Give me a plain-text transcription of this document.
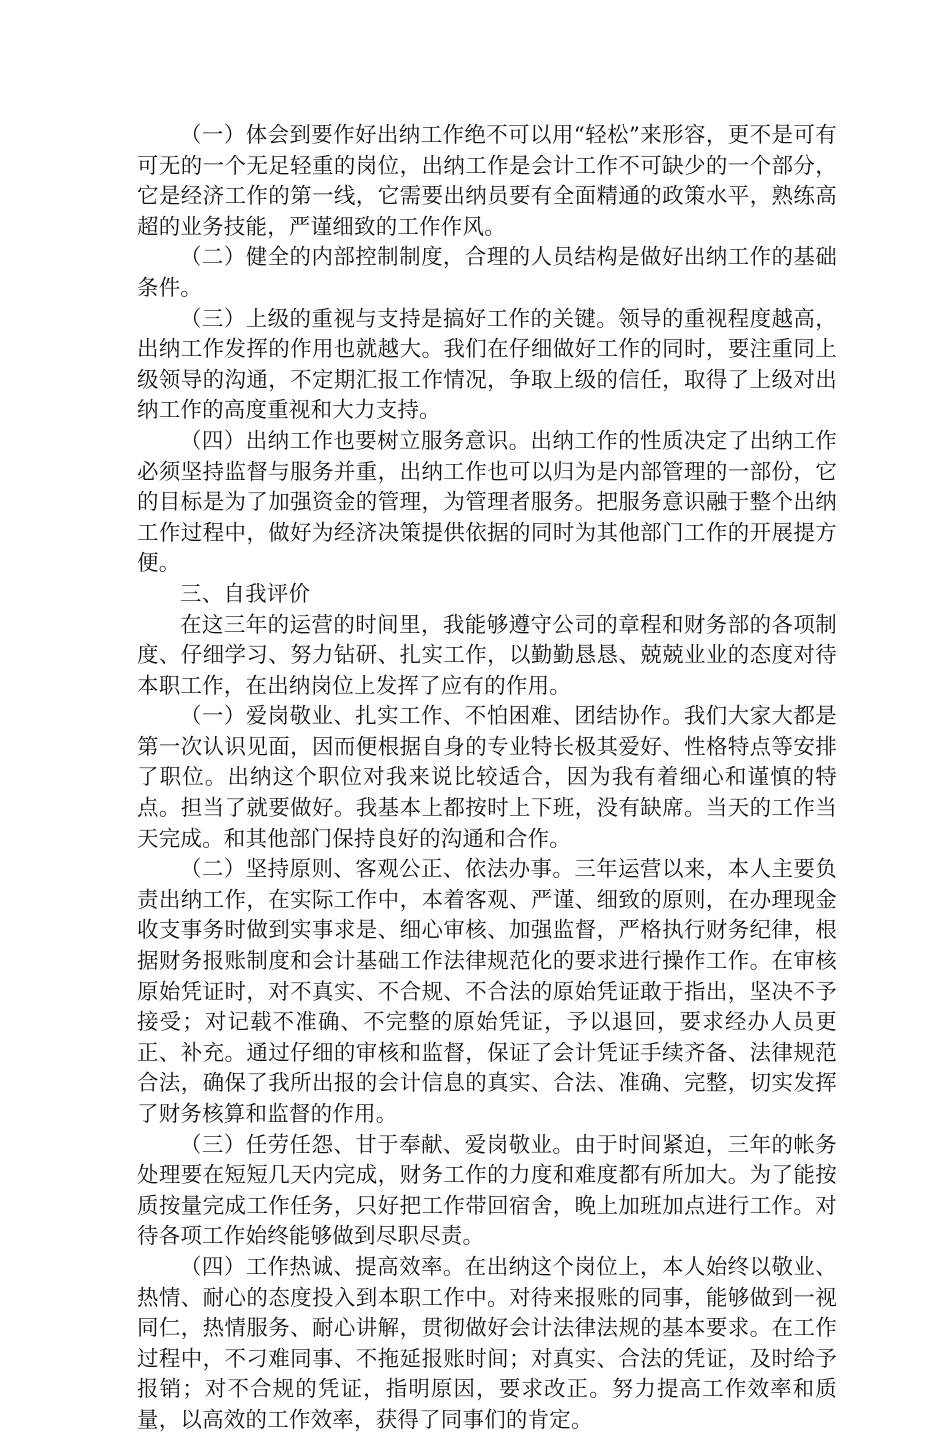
（一）体会到要作好出纳工作绝不可以用“轻松”来形容，更不是可有可无的一个无足轻重的岗位，出纳工作是会计工作不可缺少的一个部分，它是经济工作的第一线，它需要出纳员要有全面精通的政策水平，熟练高超的业务技能，严谨细致的工作作风。

（二）健全的内部控制制度，合理的人员结构是做好出纳工作的基础条件。

（三）上级的重视与支持是搞好工作的关键。领导的重视程度越高，出纳工作发挥的作用也就越大。我们在仔细做好工作的同时，要注重同上级领导的沟通，不定期汇报工作情况，争取上级的信任，取得了上级对出纳工作的高度重视和大力支持。

（四）出纳工作也要树立服务意识。出纳工作的性质决定了出纳工作必须坚持监督与服务并重，出纳工作也可以归为是内部管理的一部份，它的目标是为了加强资金的管理，为管理者服务。把服务意识融于整个出纳工作过程中，做好为经济决策提供依据的同时为其他部门工作的开展提方便。

三、自我评价

在这三年的运营的时间里，我能够遵守公司的章程和财务部的各项制度、仔细学习、努力钻研、扎实工作，以勤勤恳恳、兢兢业业的态度对待本职工作，在出纳岗位上发挥了应有的作用。

（一）爱岗敬业、扎实工作、不怕困难、团结协作。我们大家大都是第一次认识见面，因而便根据自身的专业特长极其爱好、性格特点等安排了职位。出纳这个职位对我来说比较适合，因为我有着细心和谨慎的特点。担当了就要做好。我基本上都按时上下班，没有缺席。当天的工作当天完成。和其他部门保持良好的沟通和合作。

（二）坚持原则、客观公正、依法办事。三年运营以来，本人主要负责出纳工作，在实际工作中，本着客观、严谨、细致的原则，在办理现金收支事务时做到实事求是、细心审核、加强监督，严格执行财务纪律，根据财务报账制度和会计基础工作法律规范化的要求进行操作工作。在审核原始凭证时，对不真实、不合规、不合法的原始凭证敢于指出，坚决不予接受；对记载不准确、不完整的原始凭证，予以退回，要求经办人员更正、补充。通过仔细的审核和监督，保证了会计凭证手续齐备、法律规范合法，确保了我所出报的会计信息的真实、合法、准确、完整，切实发挥了财务核算和监督的作用。

（三）任劳任怨、甘于奉献、爱岗敬业。由于时间紧迫，三年的帐务处理要在短短几天内完成，财务工作的力度和难度都有所加大。为了能按质按量完成工作任务，只好把工作带回宿舍，晚上加班加点进行工作。对待各项工作始终能够做到尽职尽责。

（四）工作热诚、提高效率。在出纳这个岗位上，本人始终以敬业、热情、耐心的态度投入到本职工作中。对待来报账的同事，能够做到一视同仁，热情服务、耐心讲解，贯彻做好会计法律法规的基本要求。在工作过程中，不刁难同事、不拖延报账时间；对真实、合法的凭证，及时给予报销；对不合规的凭证，指明原因，要求改正。努力提高工作效率和质量，以高效的工作效率，获得了同事们的肯定。
